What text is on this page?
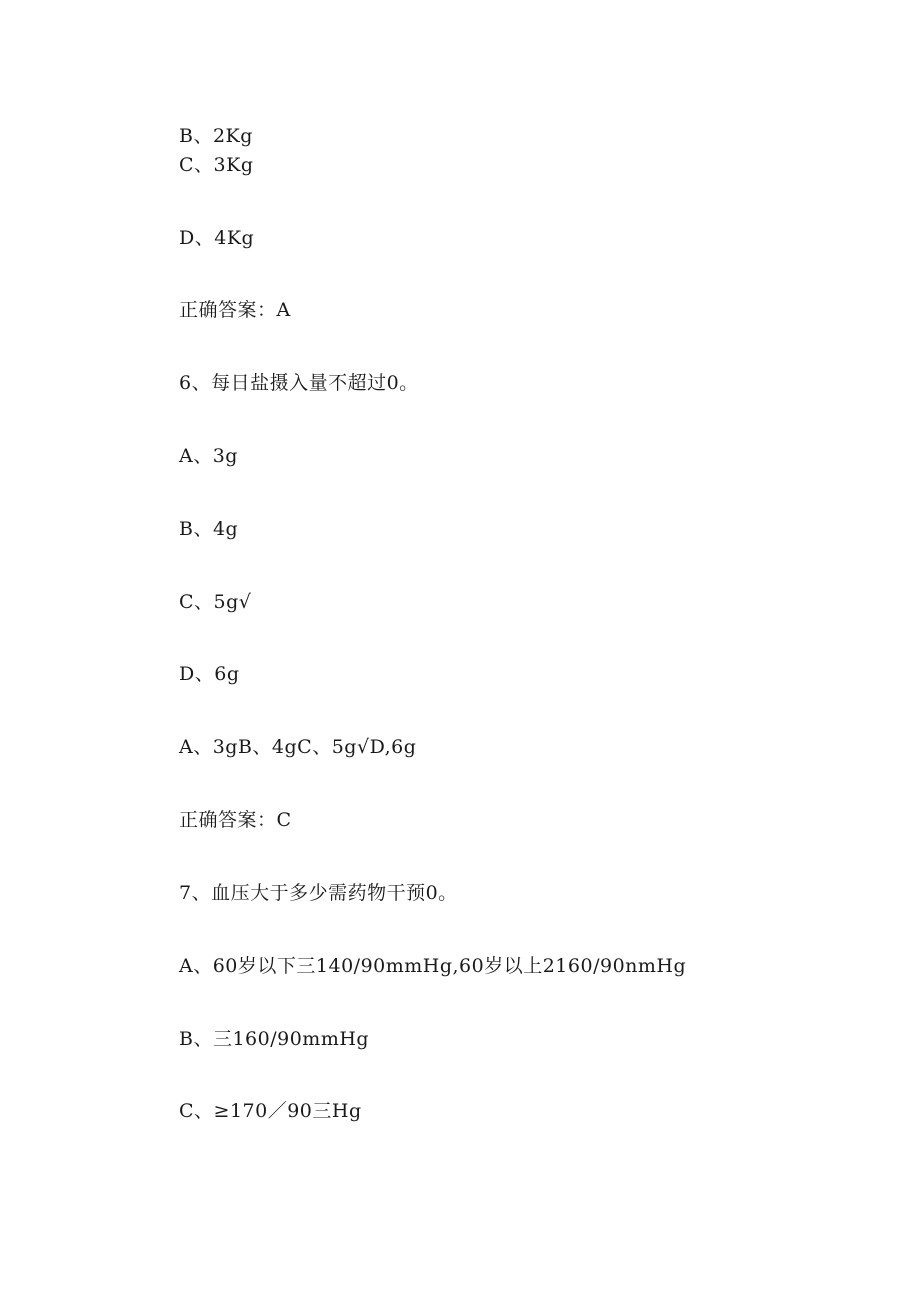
B、2Kg
C、3Kg
D、4Kg
正确答案：A
6、每日盐摄入量不超过0。
A、3g
B、4g
C、5g√
D、6g
A、3gB、4gC、5g√D,6g
正确答案：C
7、血压大于多少需药物干预0。
A、60岁以下三140/90mmHg,60岁以上2160/90nmHg
B、三160/90mmHg
C、≥170／90三Hg
